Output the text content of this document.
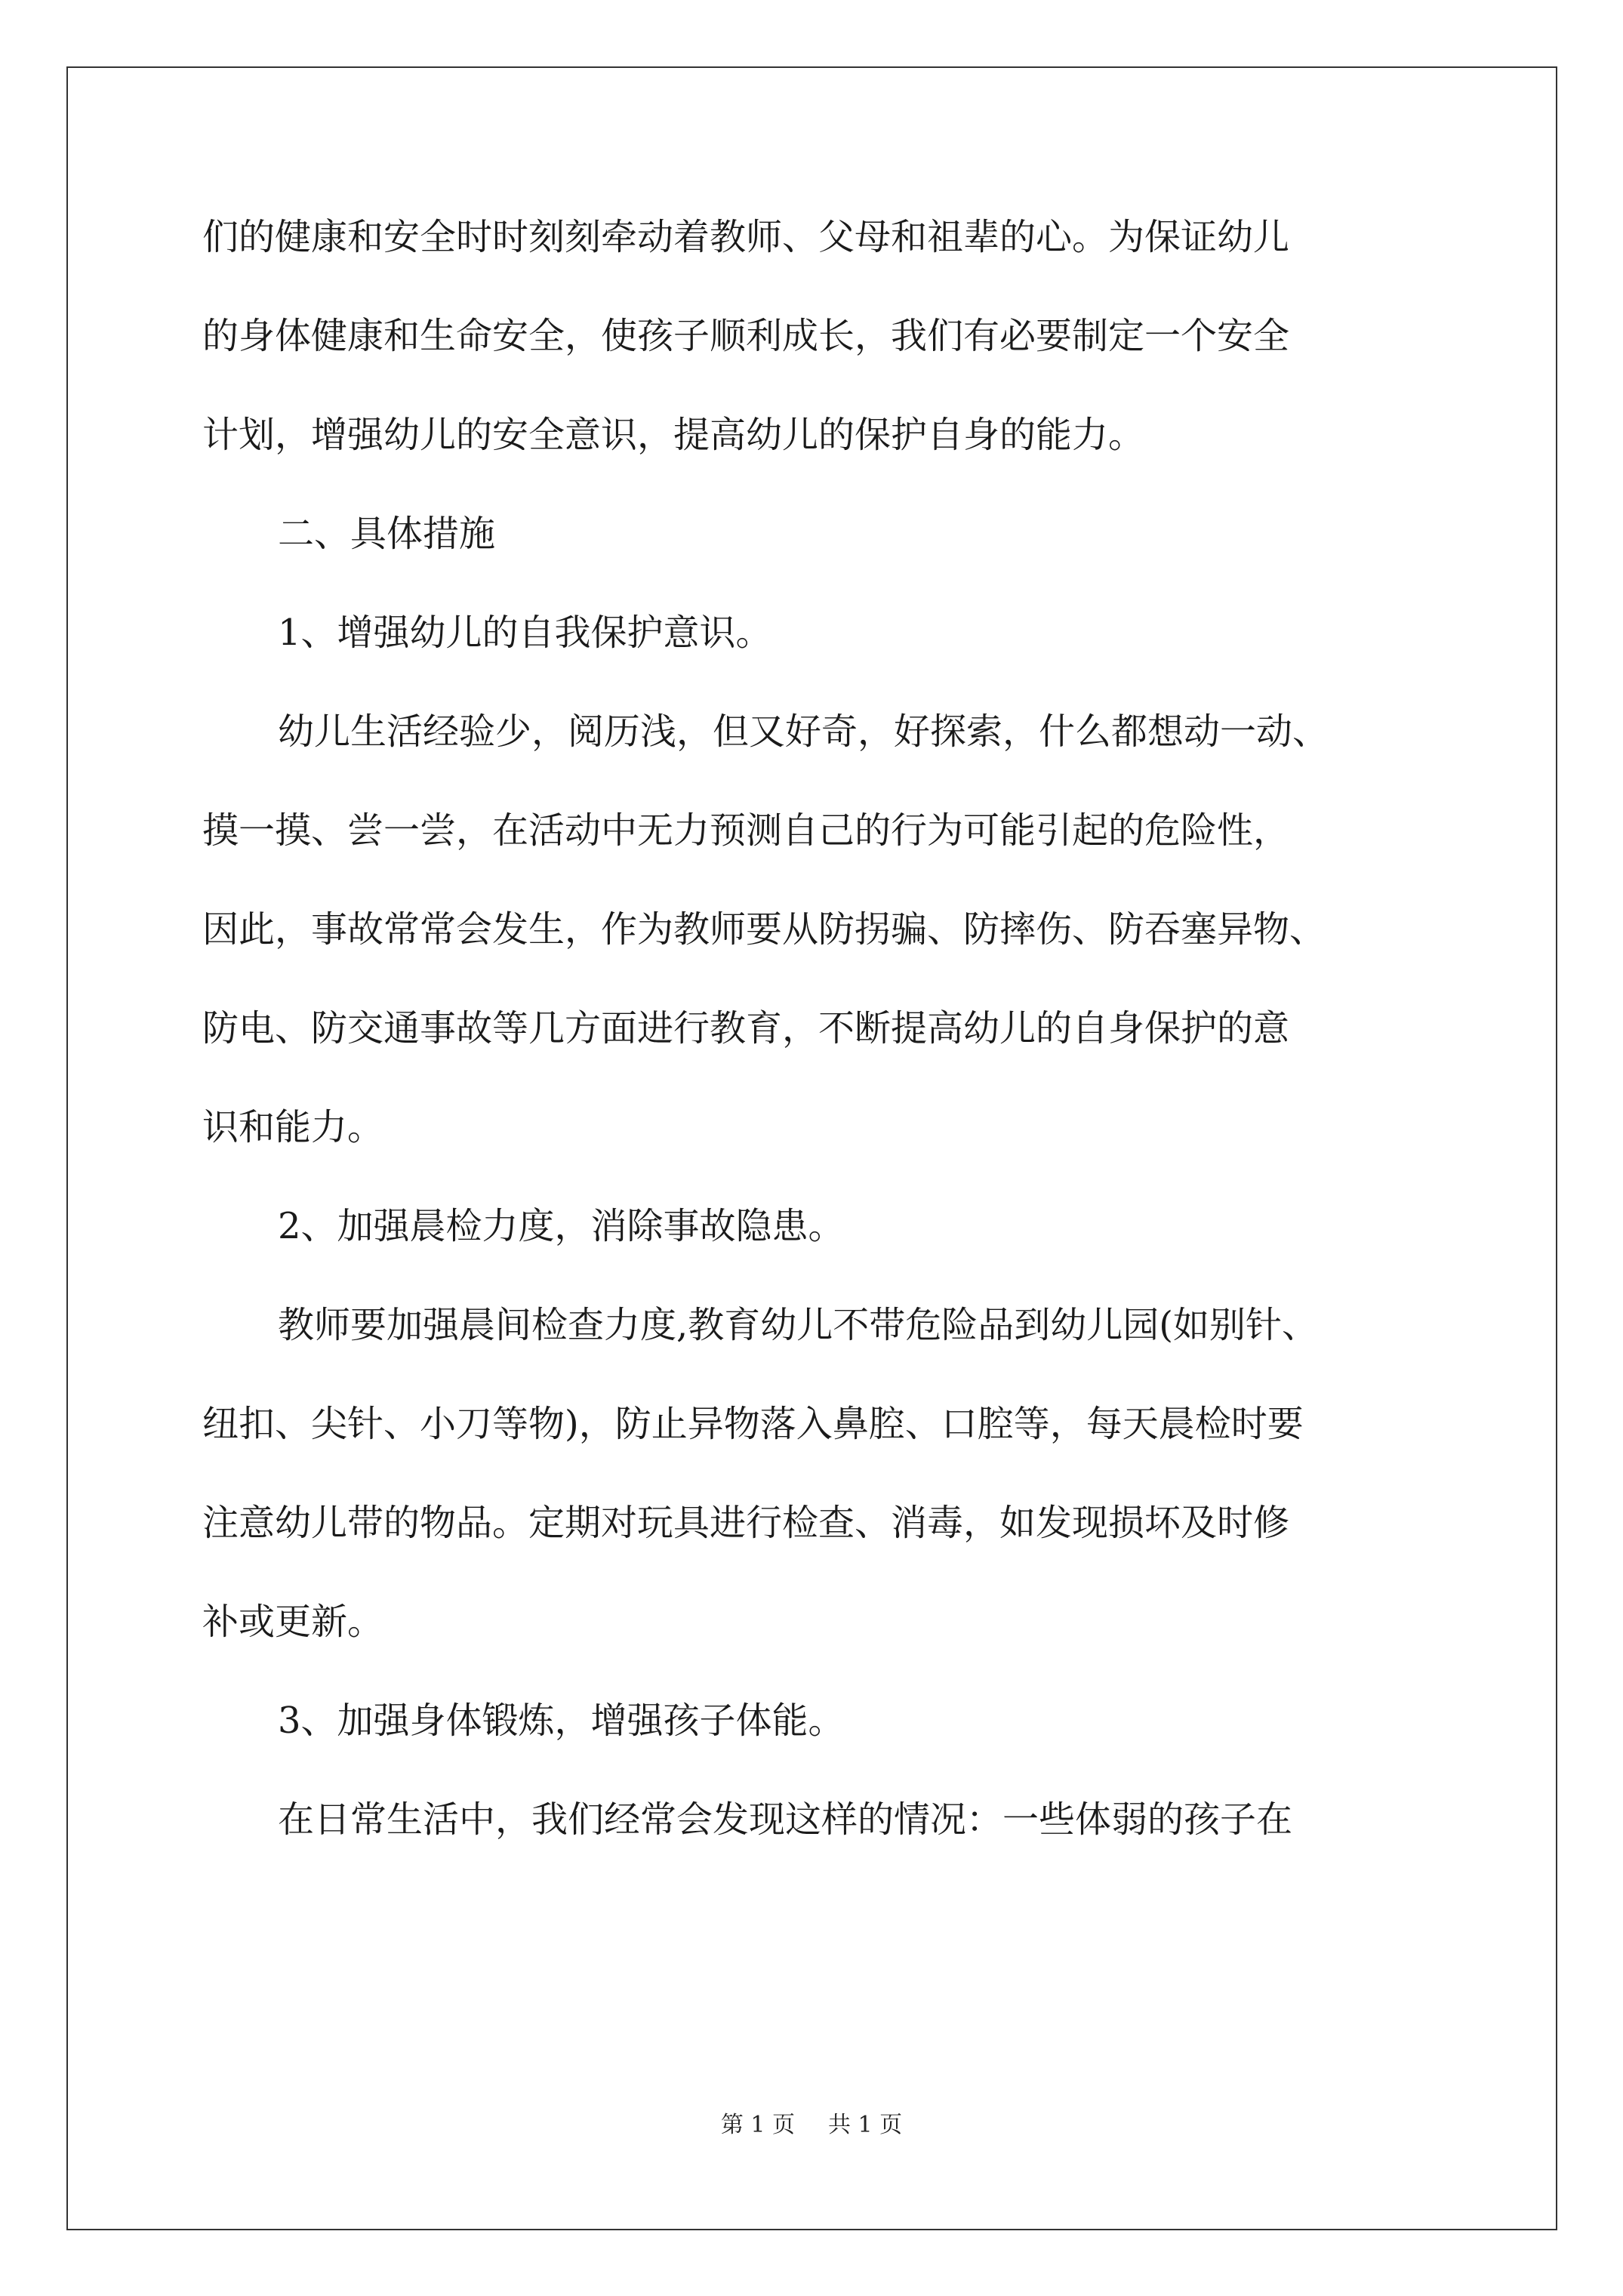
们的健康和安全时时刻刻牵动着教师、父母和祖辈的心。为保证幼儿
的身体健康和生命安全，使孩子顺利成长，我们有必要制定一个安全
计划，增强幼儿的安全意识，提高幼儿的保护自身的能力。
二、具体措施
1、增强幼儿的自我保护意识。
幼儿生活经验少，阅历浅，但又好奇，好探索，什么都想动一动、
摸一摸、尝一尝，在活动中无力预测自己的行为可能引起的危险性，
因此，事故常常会发生，作为教师要从防拐骗、防摔伤、防吞塞异物、
防电、防交通事故等几方面进行教育，不断提高幼儿的自身保护的意
识和能力。
2、加强晨检力度，消除事故隐患。
教师要加强晨间检查力度,教育幼儿不带危险品到幼儿园(如别针、
纽扣、尖针、小刀等物)，防止异物落入鼻腔、口腔等，每天晨检时要
注意幼儿带的物品。定期对玩具进行检查、消毒，如发现损坏及时修
补或更新。
3、加强身体锻炼，增强孩子体能。
在日常生活中，我们经常会发现这样的情况：一些体弱的孩子在
第 1 页 共 1 页
